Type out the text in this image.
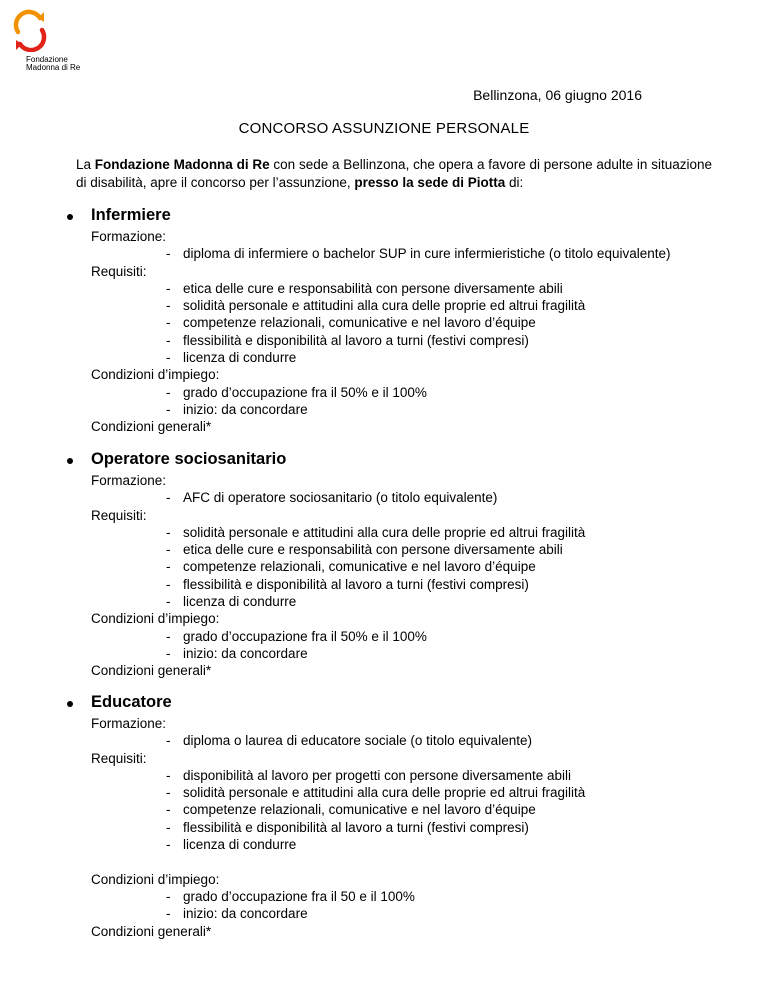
Fondazione
Madonna di Re
Bellinzona, 06 giugno 2016
CONCORSO ASSUNZIONE PERSONALE
La Fondazione Madonna di Re con sede a Bellinzona, che opera a favore di persone adulte in situazione di disabilità, apre il concorso per l’assunzione, presso la sede di Piotta di:
Infermiere
Formazione:
- diploma di infermiere o bachelor SUP in cure infermieristiche (o titolo equivalente)
Requisiti:
- etica delle cure e responsabilità con persone diversamente abili
- solidità personale e attitudini alla cura delle proprie ed altrui fragilità
- competenze relazionali, comunicative e nel lavoro d’équipe
- flessibilità e disponibilità al lavoro a turni (festivi compresi)
- licenza di condurre
Condizioni d’impiego:
- grado d’occupazione fra il 50% e il 100%
- inizio: da concordare
Condizioni generali*
Operatore sociosanitario
Formazione:
- AFC di operatore sociosanitario (o titolo equivalente)
Requisiti:
- solidità personale e attitudini alla cura delle proprie ed altrui fragilità
- etica delle cure e responsabilità con persone diversamente abili
- competenze relazionali, comunicative e nel lavoro d’équipe
- flessibilità e disponibilità al lavoro a turni (festivi compresi)
- licenza di condurre
Condizioni d’impiego:
- grado d’occupazione fra il 50% e il 100%
- inizio: da concordare
Condizioni generali*
Educatore
Formazione:
- diploma o laurea di educatore sociale (o titolo equivalente)
Requisiti:
- disponibilità al lavoro per progetti con persone diversamente abili
- solidità personale e attitudini alla cura delle proprie ed altrui fragilità
- competenze relazionali, comunicative e nel lavoro d’équipe
- flessibilità e disponibilità al lavoro a turni (festivi compresi)
- licenza di condurre
Condizioni d’impiego:
- grado d’occupazione fra il 50 e il 100%
- inizio: da concordare
Condizioni generali*
